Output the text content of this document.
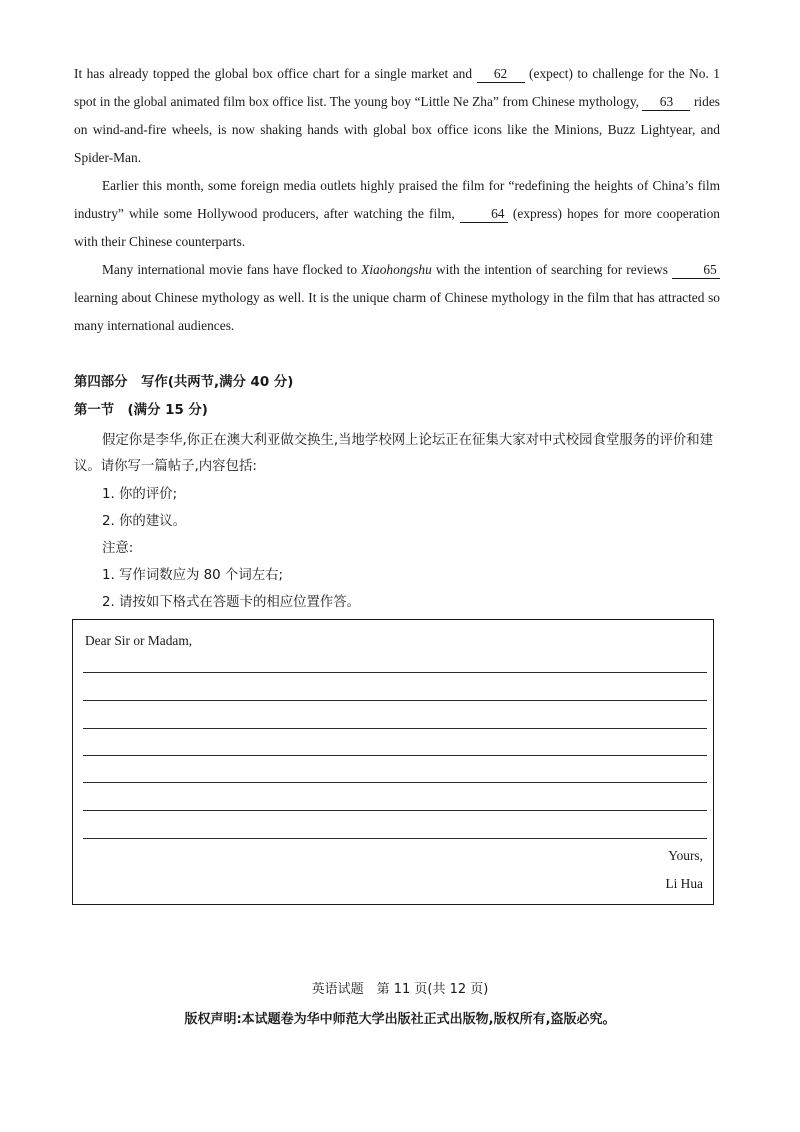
It has already topped the global box office chart for a single market and 62 (expect) to challenge for the No. 1 spot in the global animated film box office list. The young boy “Little Ne Zha” from Chinese mythology, 63 rides on wind-and-fire wheels, is now shaking hands with global box office icons like the Minions, Buzz Lightyear, and Spider-Man.
Earlier this month, some foreign media outlets highly praised the film for “redefining the heights of China’s film industry” while some Hollywood producers, after watching the film,	64 (express) hopes for more cooperation with their Chinese counterparts.
Many international movie fans have flocked to Xiaohongshu with the intention of searching for reviews	65 learning about Chinese mythology as well. It is the unique charm of Chinese mythology in the film that has attracted so many international audiences.
第四部分　写作(共两节,满分 40 分)
第一节　(满分 15 分)
假定你是李华,你正在澳大利亚做交换生,当地学校网上论坛正在征集大家对中式校园食堂服务的评价和建议。请你写一篇帖子,内容包括:
1. 你的评价;
2. 你的建议。
注意:
1. 写作词数应为 80 个词左右;
2. 请按如下格式在答题卡的相应位置作答。
Dear Sir or Madam,
Yours,
Li Hua
英语试题　第 11 页(共 12 页)
版权声明:本试题卷为华中师范大学出版社正式出版物,版权所有,盗版必究。
